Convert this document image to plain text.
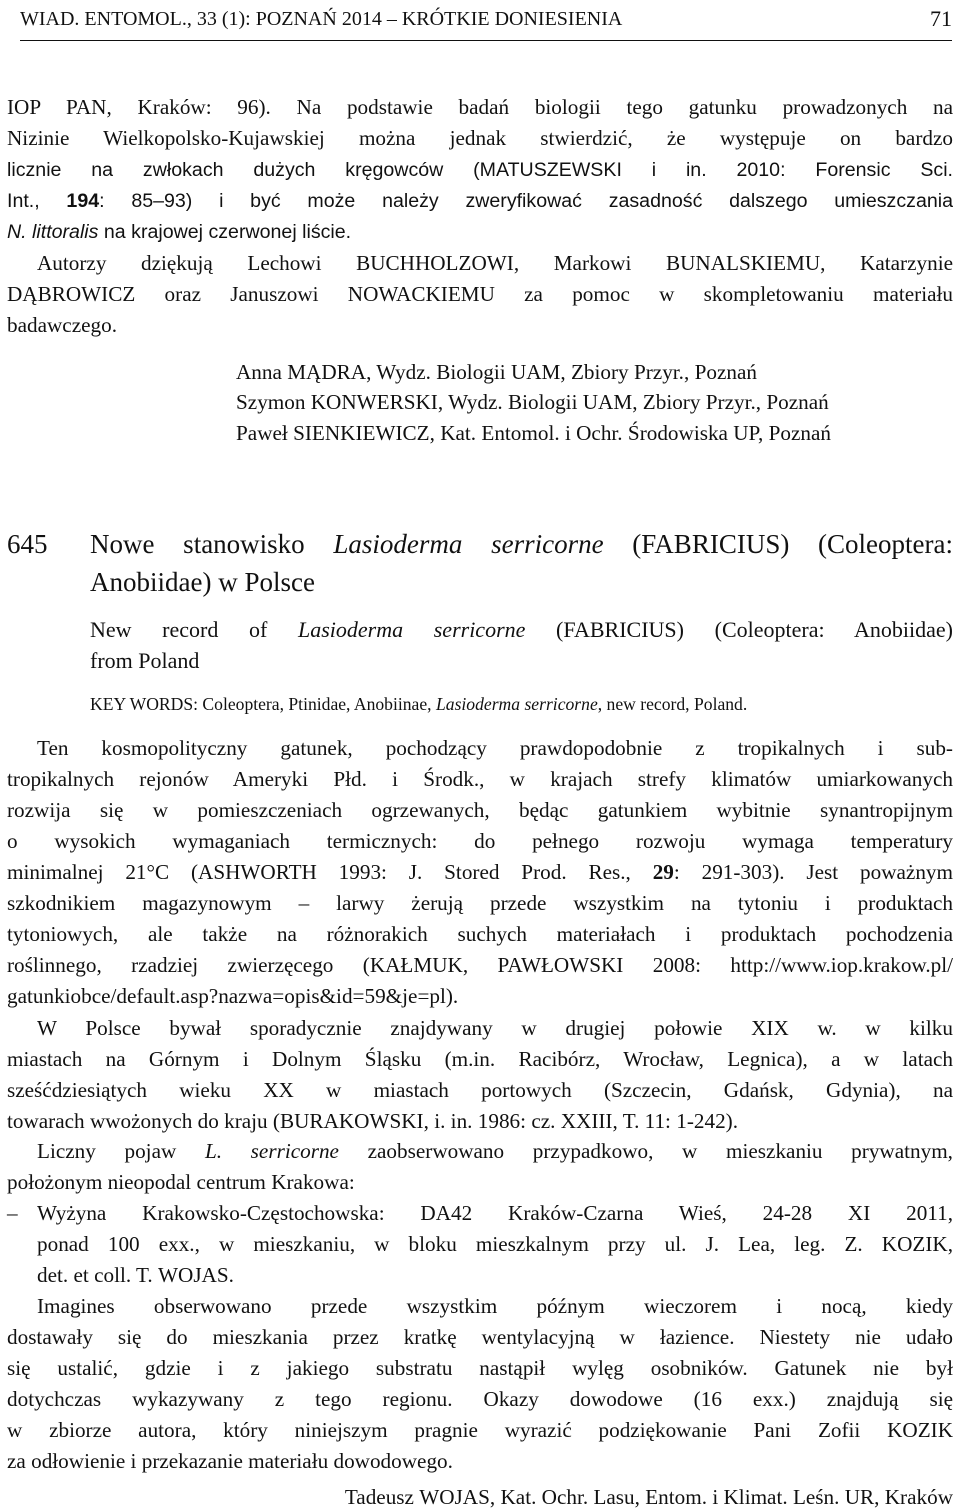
WIAD. ENTOMOL., 33 (1): POZNAŃ 2014 – KRÓTKIE DONIESIENIA	71
IOP PAN, Kraków: 96). Na podstawie badań biologii tego gatunku prowadzonych na
Nizinie Wielkopolsko-Kujawskiej można jednak stwierdzić, że występuje on bardzo
licznie na zwłokach dużych kręgowców (MATUSZEWSKI i in. 2010: Forensic Sci.
Int., 194: 85–93) i być może należy zweryfikować zasadność dalszego umieszczania
N. littoralis na krajowej czerwonej liście.
Autorzy dziękują Lechowi BUCHHOLZOWI, Markowi BUNALSKIEMU, Katarzynie
DĄBROWICZ oraz Januszowi NOWACKIEMU za pomoc w skompletowaniu materiału
badawczego.
Anna MĄDRA, Wydz. Biologii UAM, Zbiory Przyr., Poznań
Szymon KONWERSKI, Wydz. Biologii UAM, Zbiory Przyr., Poznań
Paweł SIENKIEWICZ, Kat. Entomol. i Ochr. Środowiska UP, Poznań
645 Nowe stanowisko Lasioderma serricorne (FABRICIUS) (Coleoptera:
Anobiidae) w Polsce
New record of Lasioderma serricorne (FABRICIUS) (Coleoptera: Anobiidae)
from Poland
KEY WORDS: Coleoptera, Ptinidae, Anobiinae, Lasioderma serricorne, new record, Poland.
Ten kosmopolityczny gatunek, pochodzący prawdopodobnie z tropikalnych i sub-
tropikalnych rejonów Ameryki Płd. i Środk., w krajach strefy klimatów umiarkowanych
rozwija się w pomieszczeniach ogrzewanych, będąc gatunkiem wybitnie synantropijnym
o wysokich wymaganiach termicznych: do pełnego rozwoju wymaga temperatury
minimalnej 21°C (ASHWORTH 1993: J. Stored Prod. Res., 29: 291-303). Jest poważnym
szkodnikiem magazynowym – larwy żerują przede wszystkim na tytoniu i produktach
tytoniowych, ale także na różnorakich suchych materiałach i produktach pochodzenia
roślinnego, rzadziej zwierzęcego (KAŁMUK, PAWŁOWSKI 2008: http://www.iop.krakow.pl/
gatunkiobce/default.asp?nazwa=opis&id=59&je=pl).
W Polsce bywał sporadycznie znajdywany w drugiej połowie XIX w. w kilku
miastach na Górnym i Dolnym Śląsku (m.in. Racibórz, Wrocław, Legnica), a w latach
sześćdziesiątych wieku XX w miastach portowych (Szczecin, Gdańsk, Gdynia), na
towarach wwożonych do kraju (BURAKOWSKI, i. in. 1986: cz. XXIII, T. 11: 1-242).
Liczny pojaw L. serricorne zaobserwowano przypadkowo, w mieszkaniu prywatnym,
położonym nieopodal centrum Krakowa:
– Wyżyna Krakowsko-Częstochowska: DA42 Kraków-Czarna Wieś, 24-28 XI 2011,
ponad 100 exx., w mieszkaniu, w bloku mieszkalnym przy ul. J. Lea, leg. Z. KOZIK,
det. et coll. T. WOJAS.
Imagines obserwowano przede wszystkim późnym wieczorem i nocą, kiedy
dostawały się do mieszkania przez kratkę wentylacyjną w łazience. Niestety nie udało
się ustalić, gdzie i z jakiego substratu nastąpił wylęg osobników. Gatunek nie był
dotychczas wykazywany z tego regionu. Okazy dowodowe (16 exx.) znajdują się
w zbiorze autora, który niniejszym pragnie wyrazić podziękowanie Pani Zofii KOZIK
za odłowienie i przekazanie materiału dowodowego.
Tadeusz WOJAS, Kat. Ochr. Lasu, Entom. i Klimat. Leśn. UR, Kraków
